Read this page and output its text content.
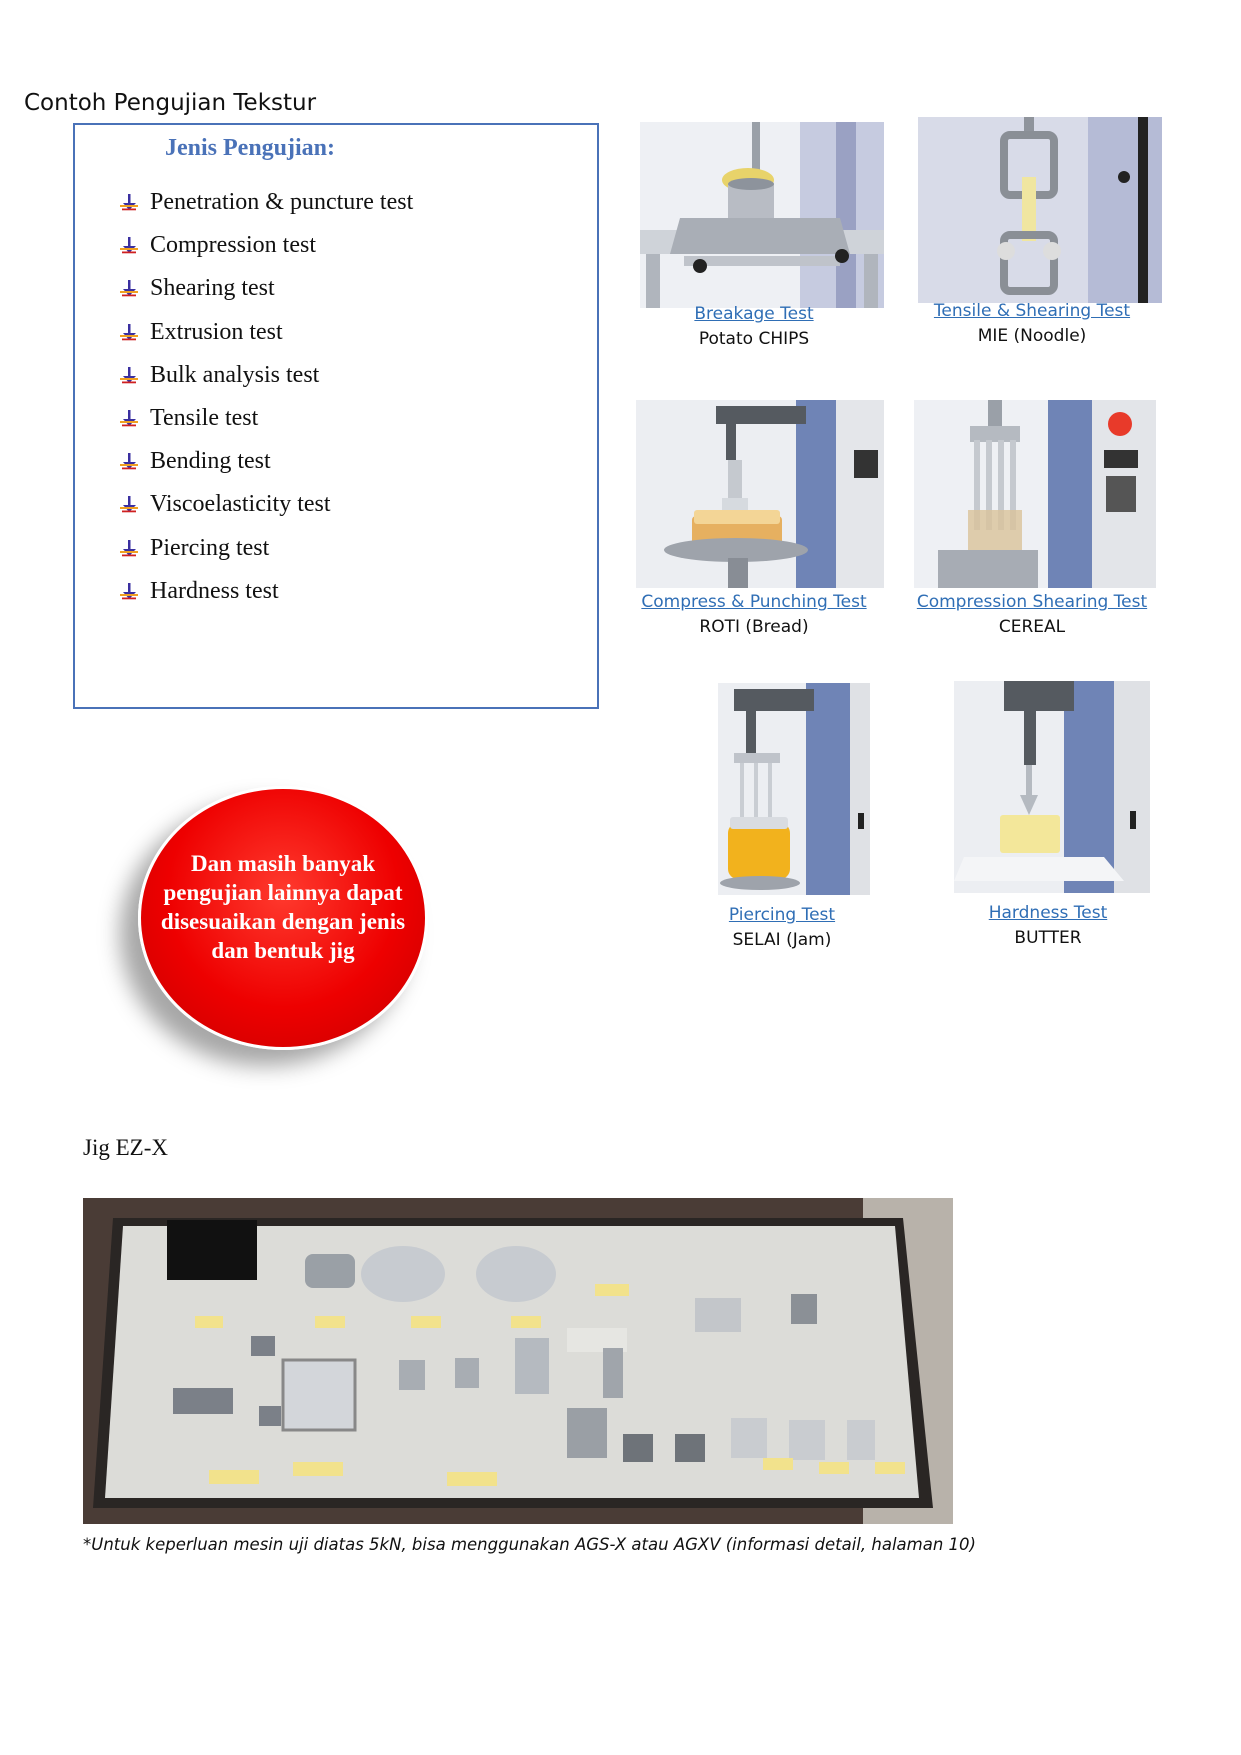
Contoh Pengujian Tekstur
Jenis Pengujian:
Penetration & puncture test
Compression test
Shearing test
Extrusion test
Bulk analysis test
Tensile test
Bending test
Viscoelasticity test
Piercing test
Hardness test
Dan masih banyak pengujian lainnya dapat disesuaikan dengan jenis dan bentuk jig
Breakage Test
Potato CHIPS
Tensile & Shearing Test
MIE (Noodle)
Compress & Punching Test
ROTI (Bread)
Compression Shearing Test
CEREAL
Piercing Test
SELAI (Jam)
Hardness Test
BUTTER
Jig EZ-X
*Untuk keperluan mesin uji diatas 5kN, bisa menggunakan AGS-X atau AGXV (informasi detail, halaman 10)
